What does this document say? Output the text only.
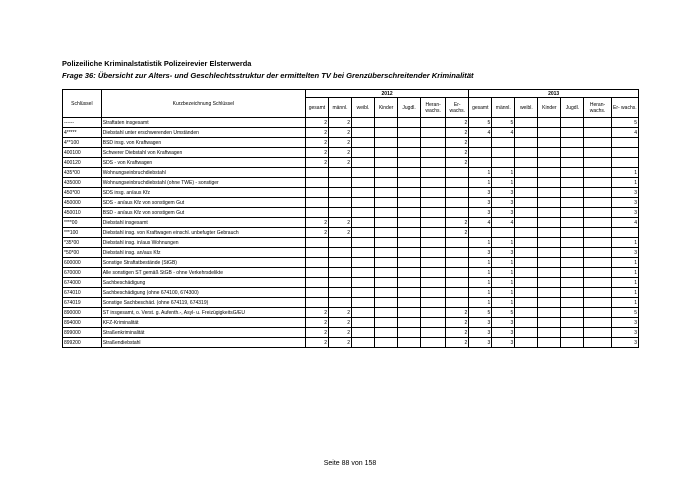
Polizeiliche Kriminalstatistik Polizeirevier Elsterwerda
Frage 36: Übersicht zur Alters- und Geschlechtsstruktur der ermittelten TV bei Grenzüberschreitender Kriminalität
Schlüssel	Kurzbezeichnung Schlüssel	2012							2013						
		gesamt	männl.	weibl.	Kinder	Jugdl.	Heran- wachs.	Er- wachs.	gesamt	männl.	weibl.	Kinder	Jugdl.	Heran- wachs.	Er- wachs.
------	Straftaten insgesamt	2	2					2	5	5					5
4*****	Diebstahl unter erschwerenden Umständen	2	2					2	4	4					4
4**100	BSD insg. von Kraftwagen	2	2					2							
400100	Schwerer Diebstahl von Kraftwagen	2	2					2							
400120	SDS - von Kraftwagen	2	2					2							
435*00	Wohnungseinbruchdiebstahl								1	1					1
435000	Wohnungseinbruchdiebstahl (ohne TWE) - sonstiger								1	1					1
450*00	SDS insg. an/aus Kfz								3	3					3
450000	SDS - an/aus Kfz von sonstigem Gut								3	3					3
450010	BSD - an/aus Kfz von sonstigem Gut								3	3					3
****00	Diebstahl insgesamt	2	2					2	4	4					4
***100	Diebstahl insg. von Kraftwagen einschl. unbefugter Gebrauch	2	2					2							
*35*00	Diebstahl insg. in/aus Wohnungen								1	1					1
*50*00	Diebstahl insg. an/aus Kfz								3	3					3
600000	Sonstige Straftatbestände (StGB)								1	1					1
670000	Alle sonstigen ST gemäß StGB - ohne Verkehrsdelikte								1	1					1
674000	Sachbeschädigung								1	1					1
674010	Sachbeschädigung (ohne 674100, 674300)								1	1					1
674019	Sonstige Sachbeschäd. (ohne 674119, 674319)								1	1					1
890000	ST insgesamt, o. Verst. g. Aufenth.-, Asyl- u. FreizügigkeitsG/EU	2	2					2	5	5					5
894000	KFZ-Kriminalität	2	2					2	3	3					3
899000	Straßenkriminalität	2	2					2	3	3					3
899200	Straßendiebstahl	2	2					2	3	3					3
Seite 88 von 158
